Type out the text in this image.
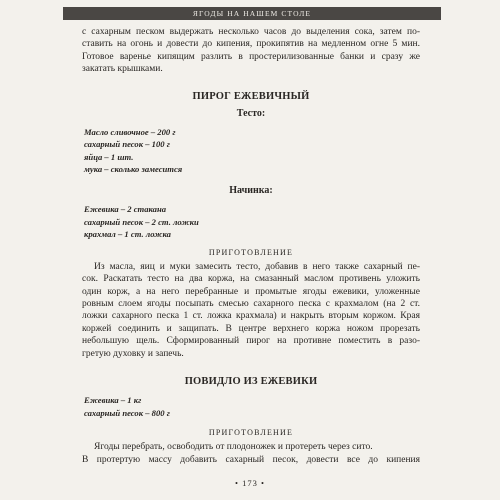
ЯГОДЫ НА НАШЕМ СТОЛЕ
с сахарным песком выдержать несколько часов до выделения сока, затем по-
ставить на огонь и довести до кипения, прокипятив на медленном огне 5 мин.
Готовое варенье кипящим разлить в простерилизованные банки и сразу же
закатать крышками.
ПИРОГ ЕЖЕВИЧНЫЙ
Тесто:
Масло сливочное – 200 г
сахарный песок – 100 г
яйца – 1 шт.
мука – сколько замесится
Начинка:
Ежевика – 2 стакана
сахарный песок – 2 ст. ложки
крахмал – 1 ст. ложка
ПРИГОТОВЛЕНИЕ
Из масла, яиц и муки замесить тесто, добавив в него также сахарный пе-
сок. Раскатать тесто на два коржа, на смазанный маслом противень уложить
один корж, а на него перебранные и промытые ягоды ежевики, уложенные
ровным слоем ягоды посыпать смесью сахарного песка с крахмалом (на 2 ст.
ложки сахарного песка 1 ст. ложка крахмала) и накрыть вторым коржом. Края
коржей соединить и защипать. В центре верхнего коржа ножом прорезать
небольшую щель. Сформированный пирог на противне поместить в разо-
гретую духовку и запечь.
ПОВИДЛО ИЗ ЕЖЕВИКИ
Ежевика – 1 кг
сахарный песок – 800 г
ПРИГОТОВЛЕНИЕ
Ягоды перебрать, освободить от плодоножек и протереть через сито.
В протертую массу добавить сахарный песок, довести все до кипения
• 173 •
